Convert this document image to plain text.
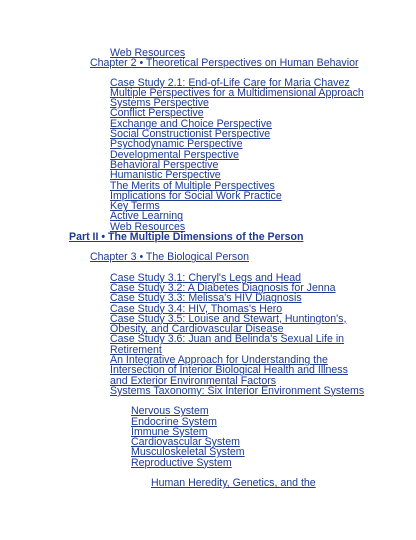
Web Resources
Chapter 2 • Theoretical Perspectives on Human Behavior
Case Study 2.1: End-of-Life Care for Maria Chavez
Multiple Perspectives for a Multidimensional Approach
Systems Perspective
Conflict Perspective
Exchange and Choice Perspective
Social Constructionist Perspective
Psychodynamic Perspective
Developmental Perspective
Behavioral Perspective
Humanistic Perspective
The Merits of Multiple Perspectives
Implications for Social Work Practice
Key Terms
Active Learning
Web Resources
Part II • The Multiple Dimensions of the Person
Chapter 3 • The Biological Person
Case Study 3.1: Cheryl's Legs and Head
Case Study 3.2: A Diabetes Diagnosis for Jenna
Case Study 3.3: Melissa's HIV Diagnosis
Case Study 3.4: HIV, Thomas's Hero
Case Study 3.5: Louise and Stewart, Huntington's, Obesity, and Cardiovascular Disease
Case Study 3.6: Juan and Belinda's Sexual Life in Retirement
An Integrative Approach for Understanding the Intersection of Interior Biological Health and Illness and Exterior Environmental Factors
Systems Taxonomy: Six Interior Environment Systems
Nervous System
Endocrine System
Immune System
Cardiovascular System
Musculoskeletal System
Reproductive System
Human Heredity, Genetics, and the
